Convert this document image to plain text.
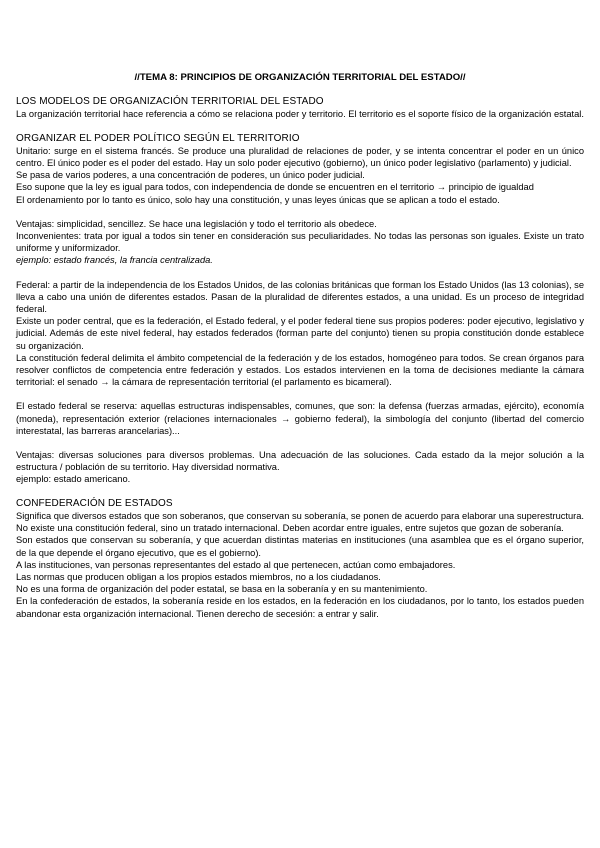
//TEMA 8: PRINCIPIOS DE ORGANIZACIÓN TERRITORIAL DEL ESTADO//

LOS MODELOS DE ORGANIZACIÓN TERRITORIAL DEL ESTADO

La organización territorial hace referencia a cómo se relaciona poder y territorio. El territorio es el soporte físico de la organización estatal.

ORGANIZAR EL PODER POLÍTICO SEGÚN EL TERRITORIO

Unitario: surge en el sistema francés. Se produce una pluralidad de relaciones de poder, y se intenta concentrar el poder en un único centro. El único poder es el poder del estado. Hay un solo poder ejecutivo (gobierno), un único poder legislativo (parlamento) y judicial.

Se pasa de varios poderes, a una concentración de poderes, un único poder judicial.

Eso supone que la ley es igual para todos, con independencia de donde se encuentren en el territorio → principio de igualdad

El ordenamiento por lo tanto es único, solo hay una constitución, y unas leyes únicas que se aplican a todo el estado.

Ventajas: simplicidad, sencillez. Se hace una legislación y todo el territorio als obedece.

Inconvenientes: trata por igual a todos sin tener en consideración sus peculiaridades. No todas las personas son iguales. Existe un trato uniforme y uniformizador.

ejemplo: estado francés, la francia centralizada.

Federal: a partir de la independencia de los Estados Unidos, de las colonias británicas que forman los Estado Unidos (las 13 colonias), se lleva a cabo una unión de diferentes estados. Pasan de la pluralidad de diferentes estados, a una unidad. Es un proceso de integridad federal.

Existe un poder central, que es la federación, el Estado federal, y el poder federal tiene sus propios poderes: poder ejecutivo, legislativo y judicial. Además de este nivel federal, hay estados federados (forman parte del conjunto) tienen su propia constitución donde establece su organización.

La constitución federal delimita el ámbito competencial de la federación y de los estados, homogéneo para todos. Se crean órganos para resolver conflictos de competencia entre federación y estados. Los estados intervienen en la toma de decisiones mediante la cámara territorial: el senado → la cámara de representación territorial (el parlamento es bicameral).

El estado federal se reserva: aquellas estructuras indispensables, comunes, que son: la defensa (fuerzas armadas, ejército), economía (moneda), representación exterior (relaciones internacionales → gobierno federal), la simbología del conjunto (libertad del comercio interestatal, las barreras arancelarias)...

Ventajas: diversas soluciones para diversos problemas. Una adecuación de las soluciones. Cada estado da la mejor solución a la estructura / población de su territorio. Hay diversidad normativa.

ejemplo: estado americano.

CONFEDERACIÓN DE ESTADOS

Significa que diversos estados que son soberanos, que conservan su soberanía, se ponen de acuerdo para elaborar una superestructura.

No existe una constitución federal, sino un tratado internacional. Deben acordar entre iguales, entre sujetos que gozan de soberanía.

Son estados que conservan su soberanía, y que acuerdan distintas materias en instituciones (una asamblea que es el órgano superior, de la que depende el órgano ejecutivo, que es el gobierno).

A las instituciones, van personas representantes del estado al que pertenecen, actúan como embajadores.

Las normas que producen obligan a los propios estados miembros, no a los ciudadanos.

No es una forma de organización del poder estatal, se basa en la soberanía y en su mantenimiento.

En la confederación de estados, la soberanía reside en los estados, en la federación en los ciudadanos, por lo tanto, los estados pueden abandonar esta organización internacional. Tienen derecho de secesión: a entrar y salir.
